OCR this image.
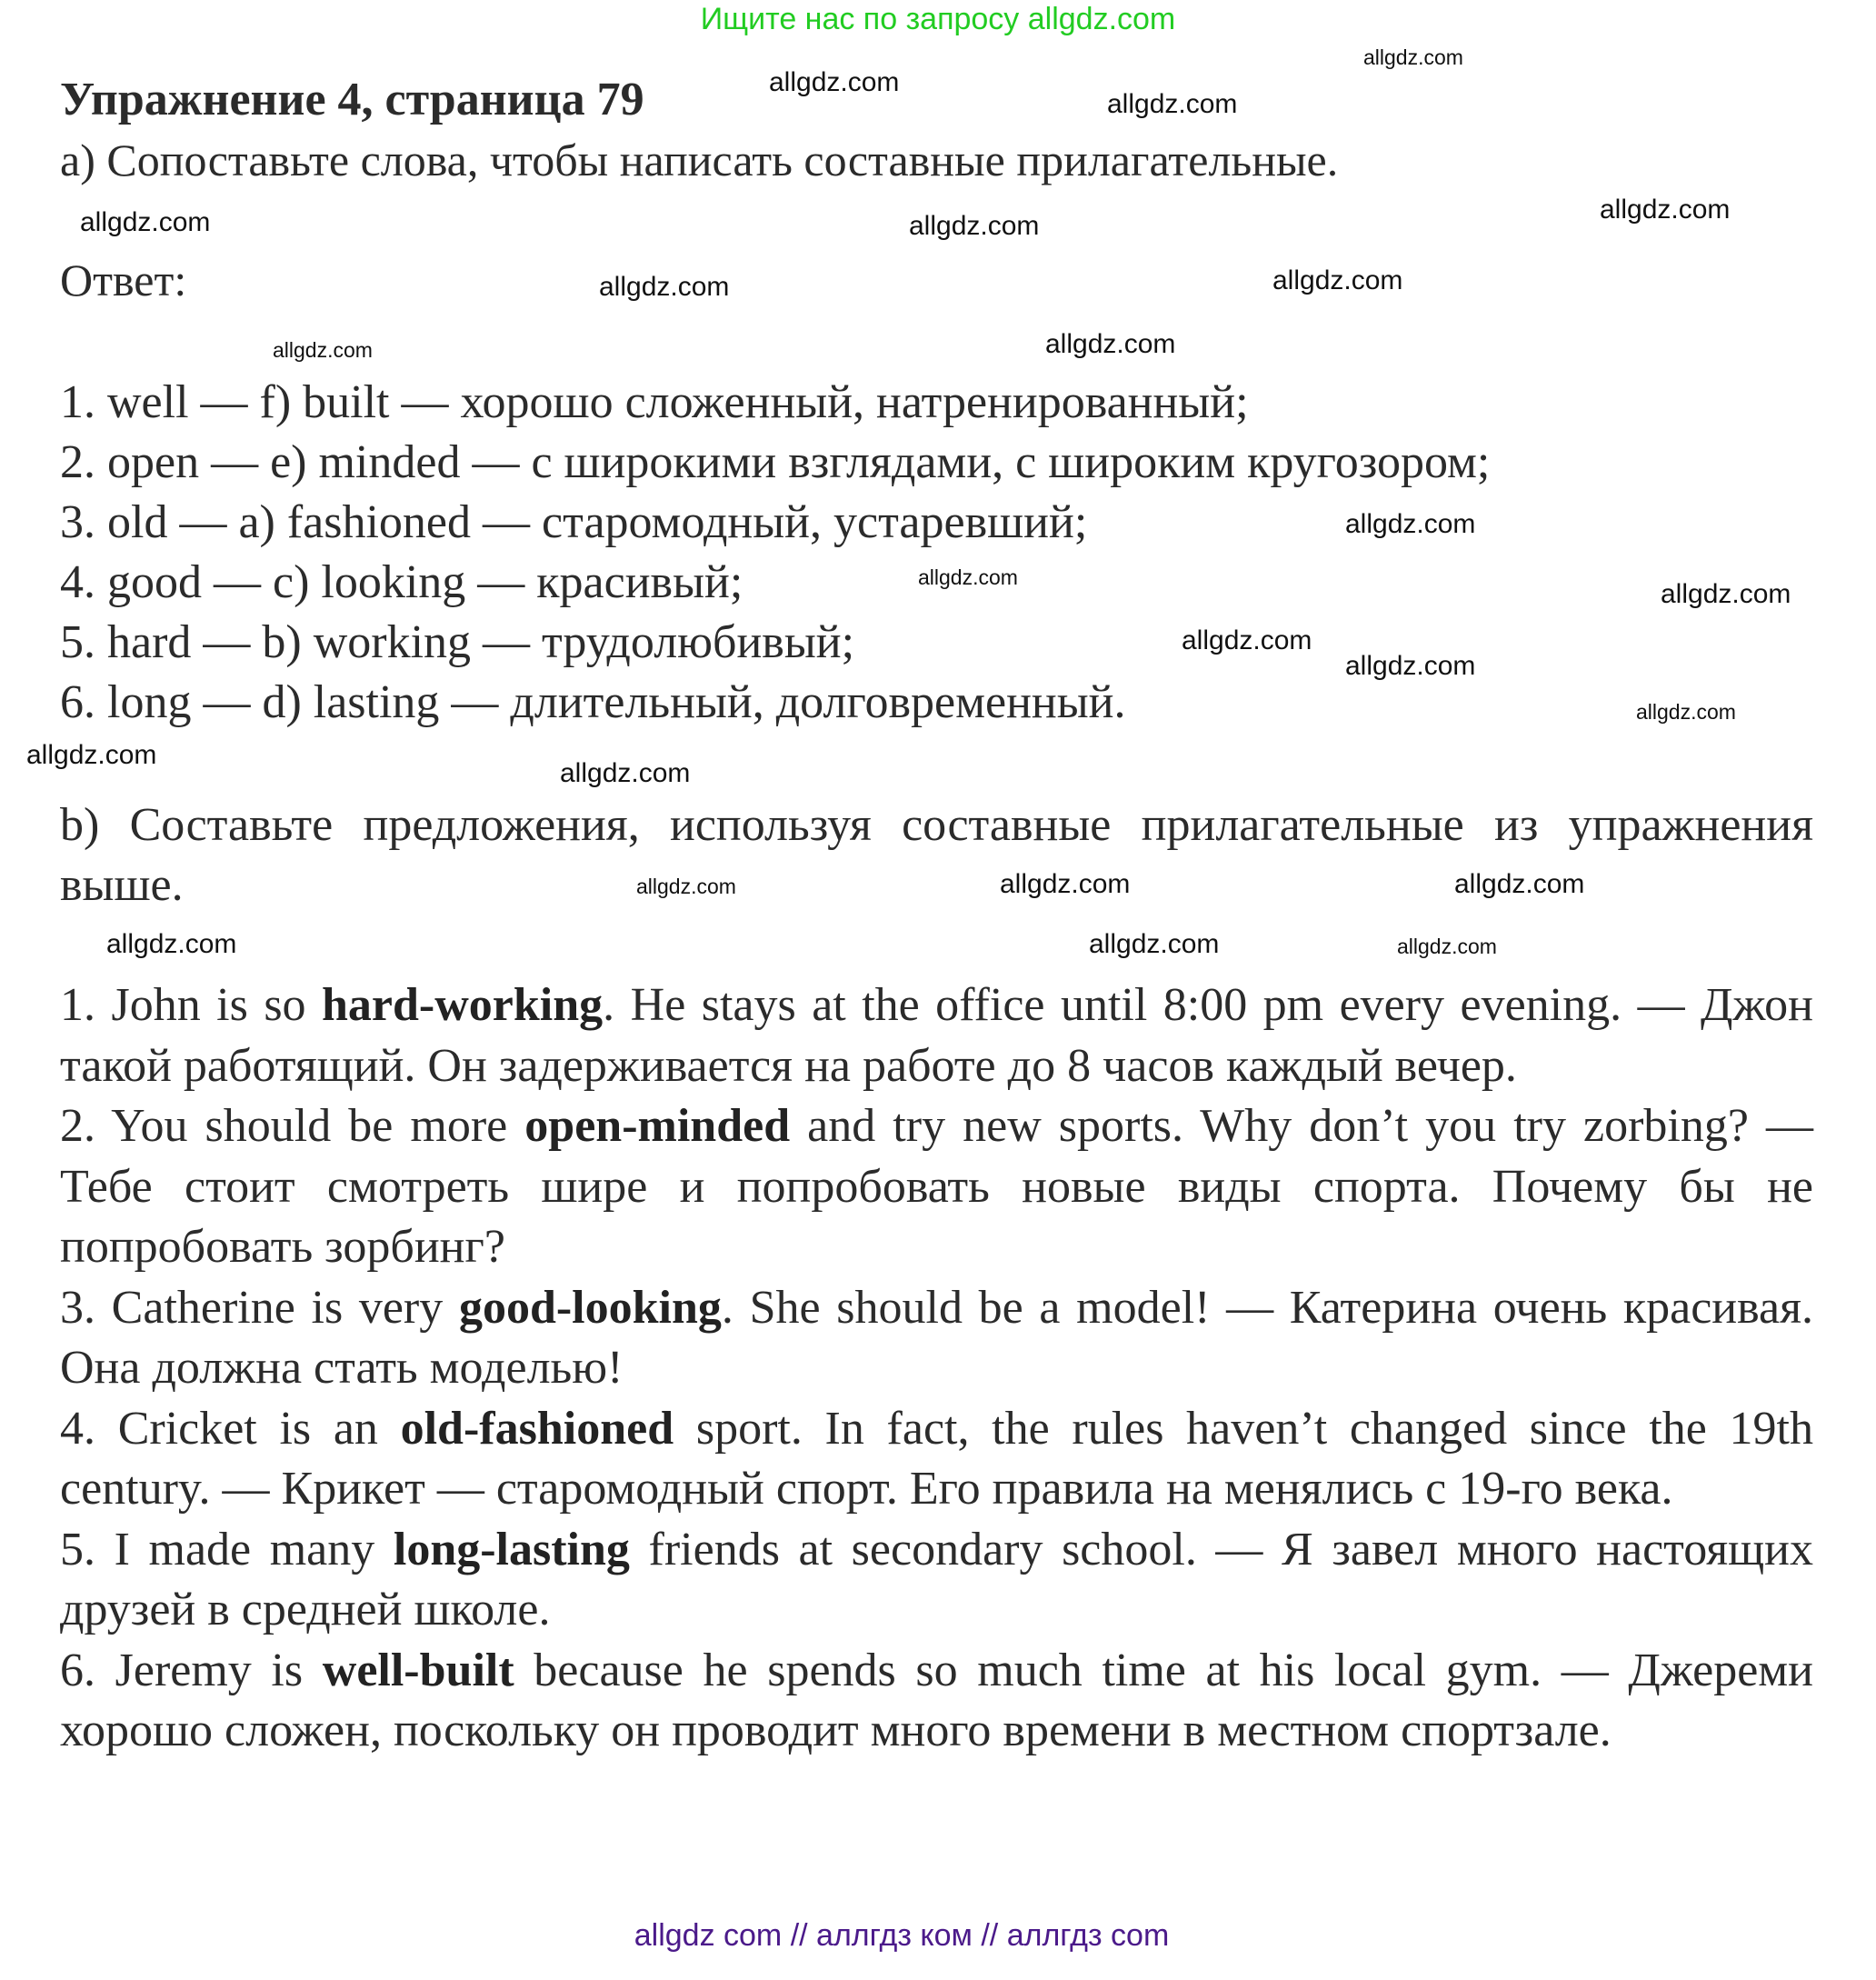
Ищите нас по запросу allgdz.com
Упражнение 4, страница 79
a) Сопоставьте слова, чтобы написать составные прилагательные.
Ответ:
1. well — f) built — хорошо сложенный, натренированный;
2. open — e) minded — с широкими взглядами, с широким кругозором;
3. old — a) fashioned — старомодный, устаревший;
4. good — c) looking — красивый;
5. hard — b) working — трудолюбивый;
6. long — d) lasting — длительный, долговременный.
b) Составьте предложения, используя составные прилагательные из упражнения выше.
1. John is so hard-working. He stays at the office until 8:00 pm every evening. — Джон такой работящий. Он задерживается на работе до 8 часов каждый вечер.
2. You should be more open-minded and try new sports. Why don’t you try zorbing? — Тебе стоит смотреть шире и попробовать новые виды спорта. Почему бы не попробовать зорбинг?
3. Catherine is very good-looking. She should be a model! — Катерина очень красивая. Она должна стать моделью!
4. Cricket is an old-fashioned sport. In fact, the rules haven’t changed since the 19th century. — Крикет — старомодный спорт. Его правила на менялись с 19-го века.
5. I made many long-lasting friends at secondary school. — Я завел много настоящих друзей в средней школе.
6. Jeremy is well-built because he spends so much time at his local gym. — Джереми хорошо сложен, поскольку он проводит много времени в местном спортзале.
allgdz.com
allgdz.com
allgdz.com
allgdz.com
allgdz.com
allgdz.com
allgdz.com
allgdz.com
allgdz.com
allgdz.com
allgdz.com
allgdz.com	allgdz.com
allgdz.com
allgdz.com
allgdz.com
allgdz.com
allgdz.com
allgdz.com
allgdz.com
allgdz.com
allgdz.com	allgdz.com	allgdz.com
allgdz com // аллгдз ком // аллгдз com
